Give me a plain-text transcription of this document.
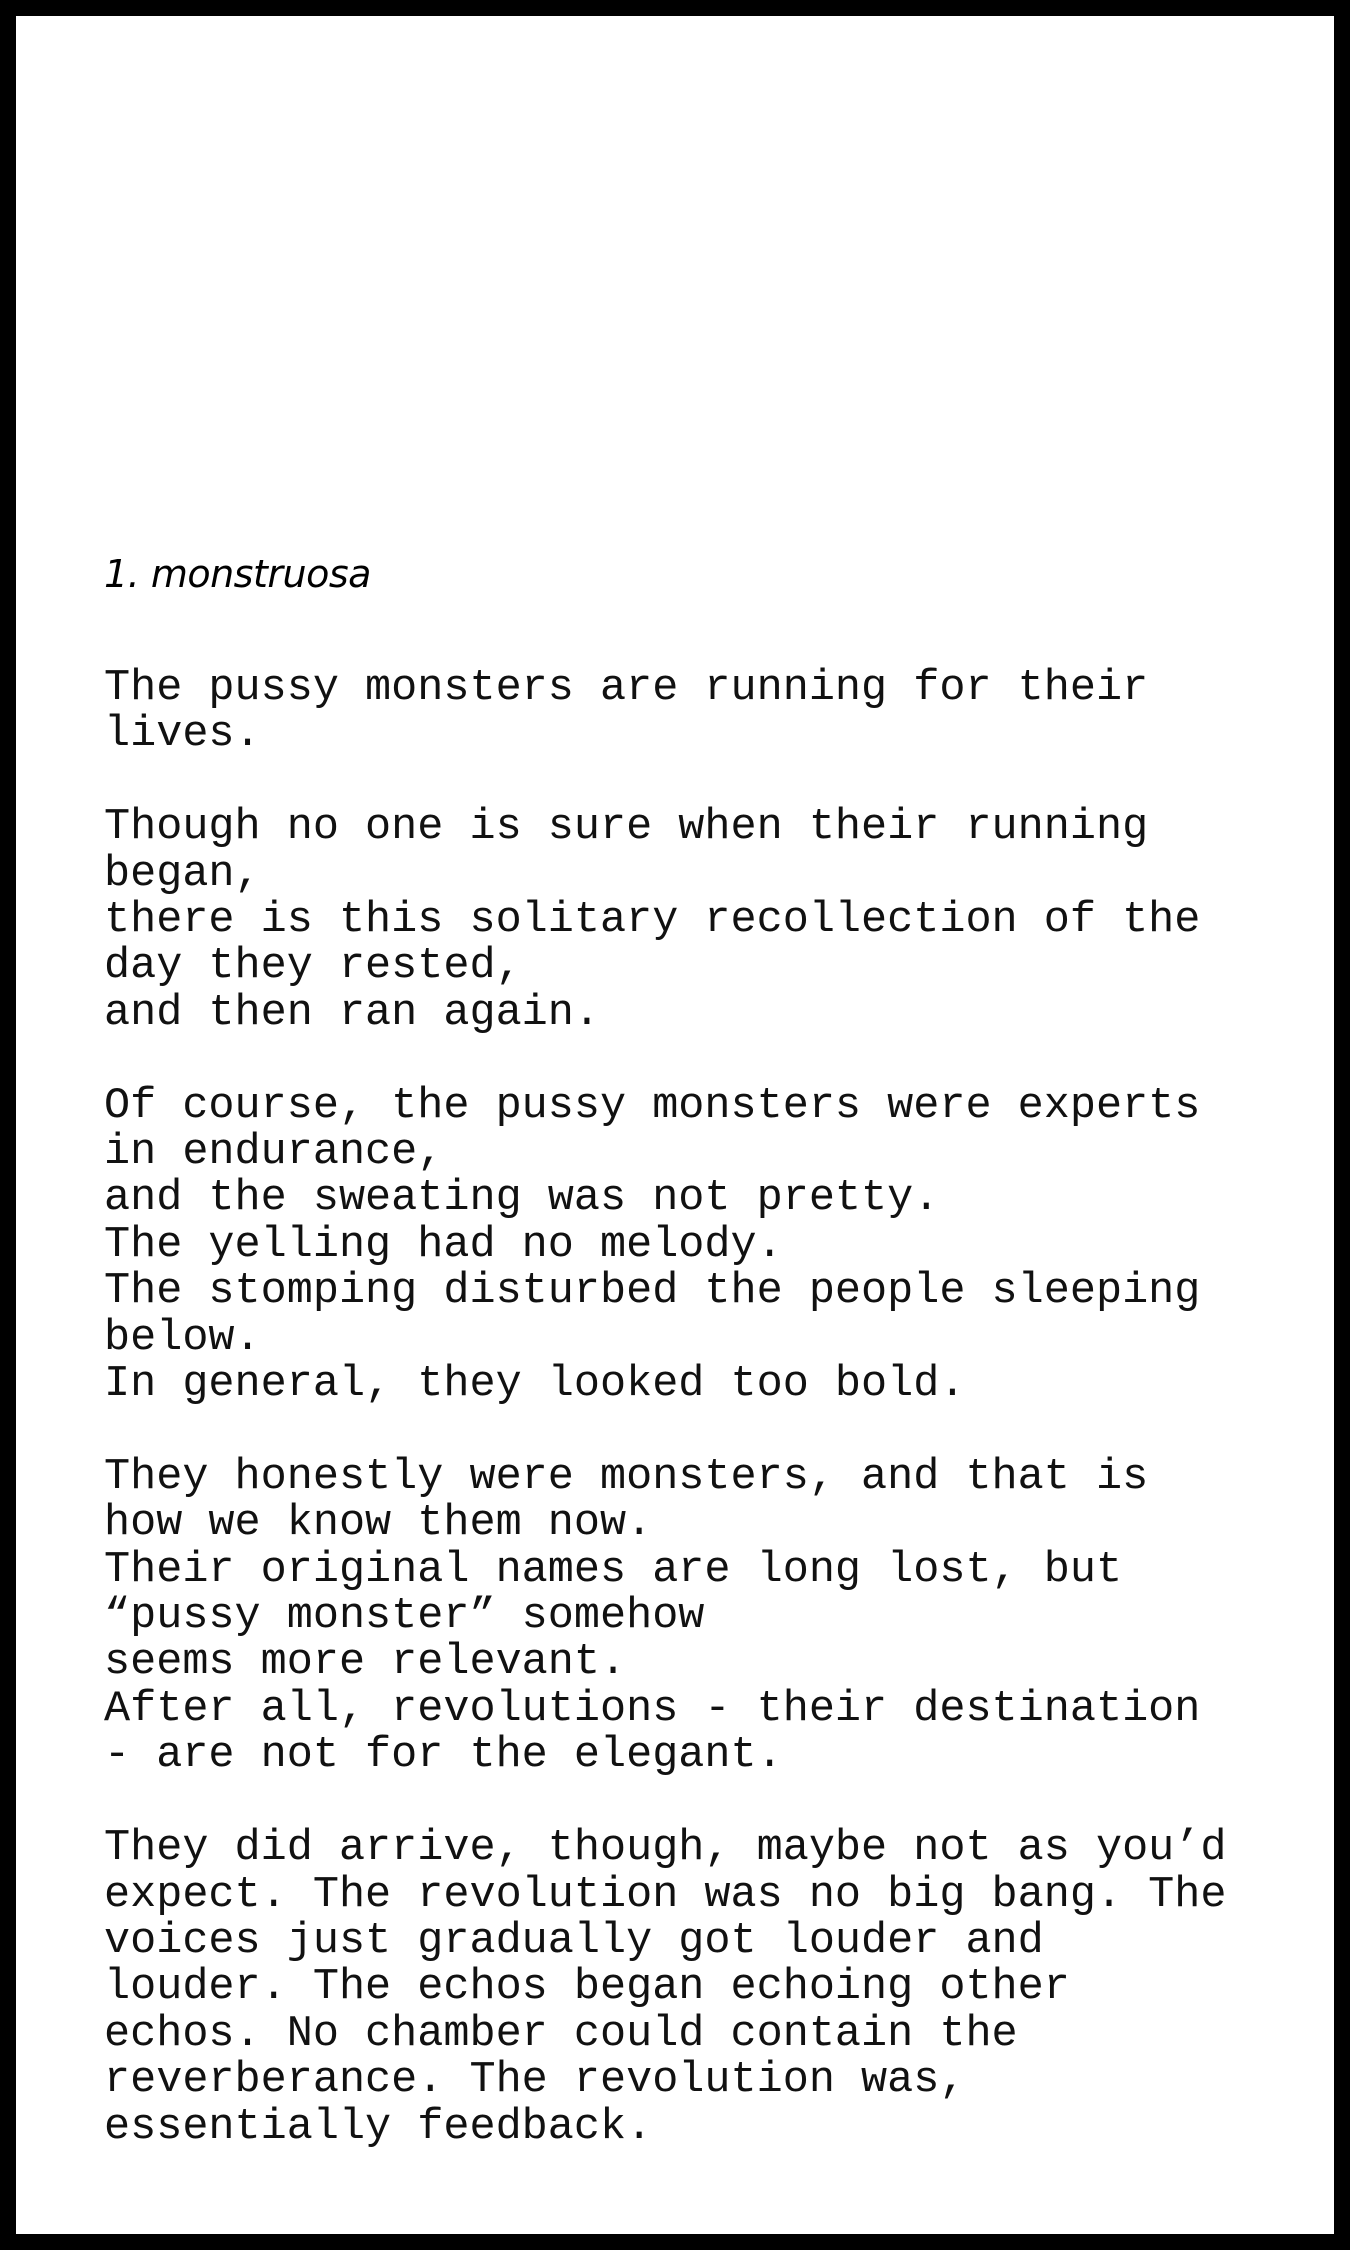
1. monstruosa

The pussy monsters are running for their
lives.

Though no one is sure when their running
began,
there is this solitary recollection of the
day they rested,
and then ran again.

Of course, the pussy monsters were experts
in endurance,
and the sweating was not pretty.
The yelling had no melody.
The stomping disturbed the people sleeping
below.
In general, they looked too bold.

They honestly were monsters, and that is
how we know them now.
Their original names are long lost, but
“pussy monster” somehow
seems more relevant.
After all, revolutions - their destination
- are not for the elegant.

They did arrive, though, maybe not as you’d
expect. The revolution was no big bang. The
voices just gradually got louder and
louder. The echos began echoing other
echos. No chamber could contain the
reverberance. The revolution was,
essentially feedback.
